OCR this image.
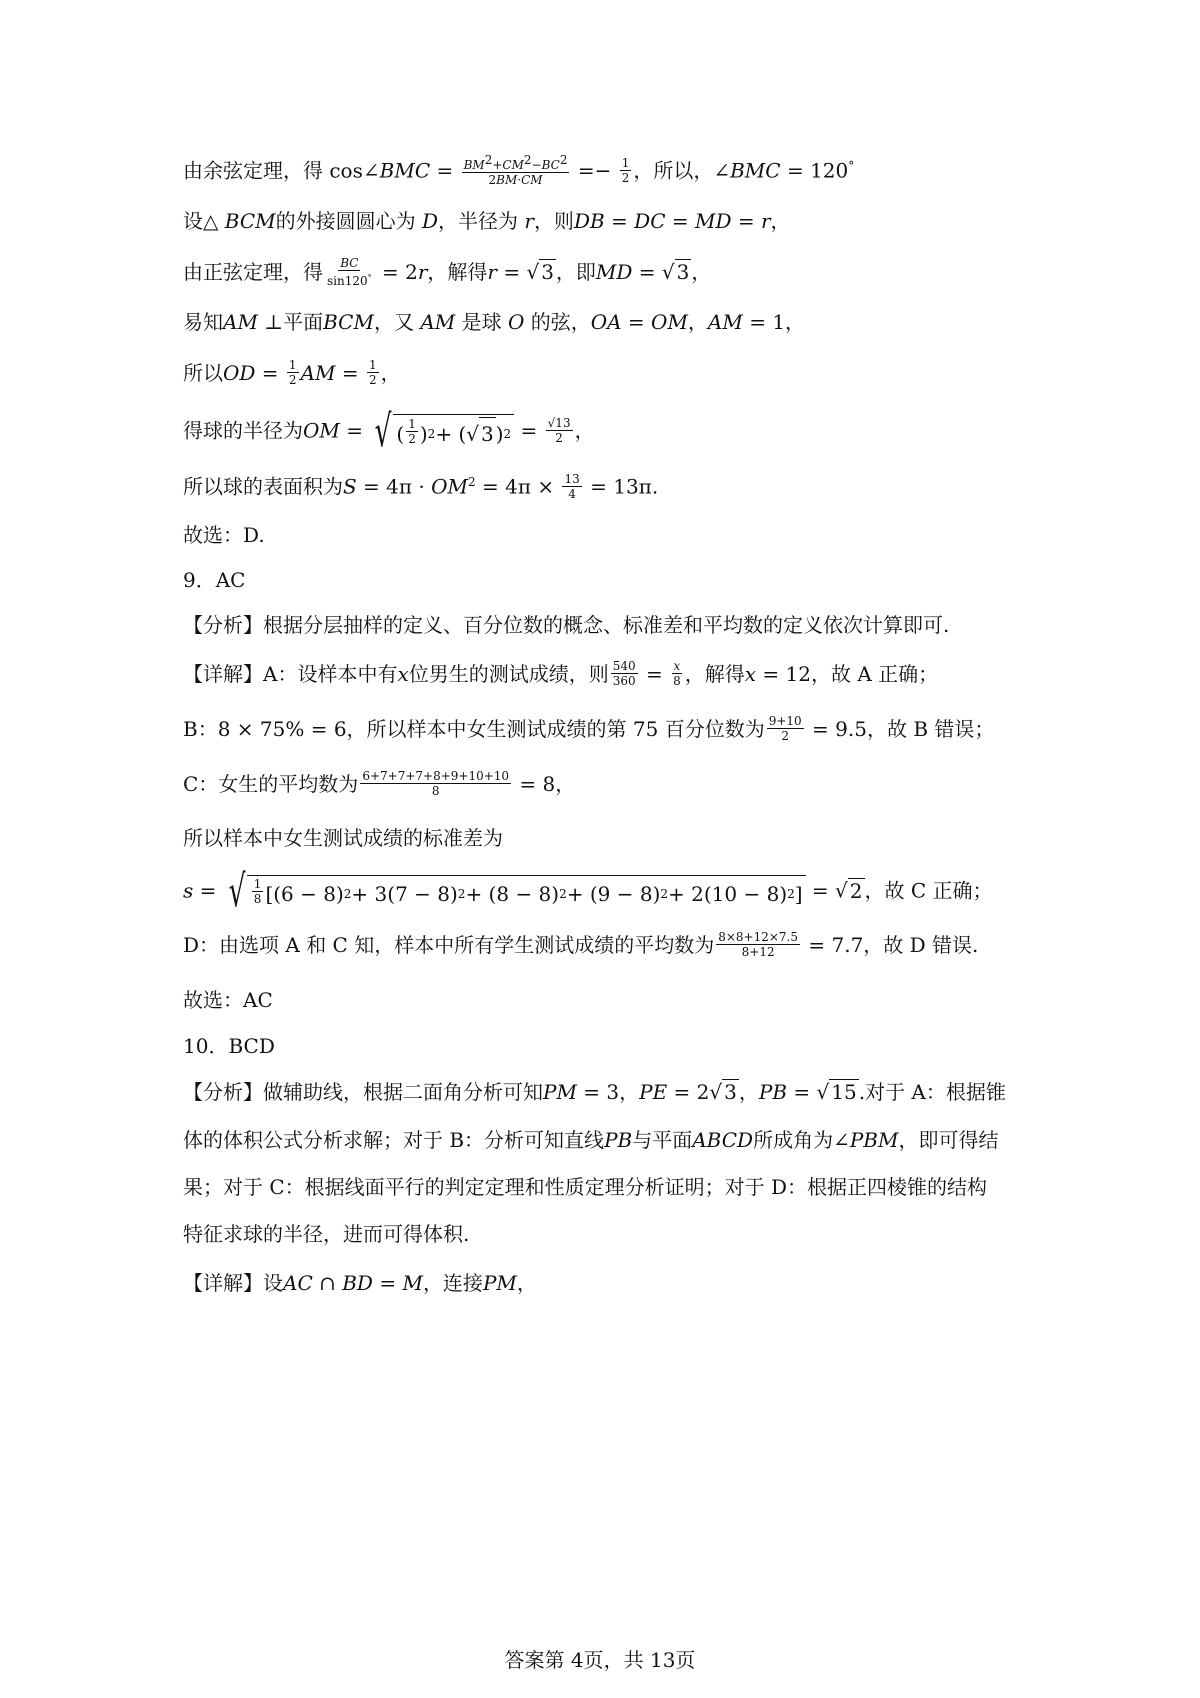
由余弦定理，得 cos∠BMC = $\frac{BM^2+CM^2-BC^2}{2BM\cdot CM} =- \frac{1}{2}$ ，所以，∠BMC = 120°
设△ BCM的外接圆圆心为 D，半径为 r，则DB = DC = MD = r，
由正弦定理，得 $\frac{BC}{\sin 120^\circ} = 2r$，解得r = √ 3 ，即MD = √ 3 ，
易知AM ⊥平面BCM，又 AM 是球 O 的弦，OA = OM，AM = 1，
所以OD = $\frac{1}{2}$ AM = $\frac{1}{2}$ ，
得球的半径为OM = √ ( $\frac{1}{2}$ ) 2 + (√ 3 ) $2 = \frac{√13}{2}$ ，
所以球的表面积为$S = 4\pi \cdot OM^2 = 4\pi \times \frac{13}{4} = 13\pi$.
故选：D.
9．AC
【分析】根据分层抽样的定义、百分位数的概念、标准差和平均数的定义依次计算即可.
【详解】A：设样本中有x位男生的测试成绩，则 $\frac{540}{360} = \frac{x}{8}$ ，解得x = 12，故 A 正确；
B：8 × 75% = 6，所以样本中女生测试成绩的第 75 百分位数为 $\frac{9+10}{2} = 9.5$，故 B 错误；
C：女生的平均数为 $\frac{6+7+7+7+8+9+10+10}{8} = 8$，
所以样本中女生测试成绩的标准差为
s = √ $\frac{1}{8} [(6 - 8) 2 + 3(7 - 8) 2 + (8 - 8) 2 + (9 - 8) 2 + 2(10 - 8)$ 2 ] = √ 2 ，故 C 正确；
D：由选项 A 和 C 知，样本中所有学生测试成绩的平均数为 $\frac{8\times 8+12\times 7.5}{8+12} = 7.7$，故 D 错误.
故选：AC
10．BCD
【分析】做辅助线，根据二面角分析可知PM = 3，PE = 2√ 3 ，PB = √ 15 .对于 A：根据锥
体的体积公式分析求解；对于 B：分析可知直线PB与平面ABCD所成角为∠PBM，即可得结
果；对于 C：根据线面平行的判定定理和性质定理分析证明；对于 D：根据正四棱锥的结构
特征求球的半径，进而可得体积.
【详解】设AC ∩ BD = M，连接PM，
答案第 4页，共 13页
